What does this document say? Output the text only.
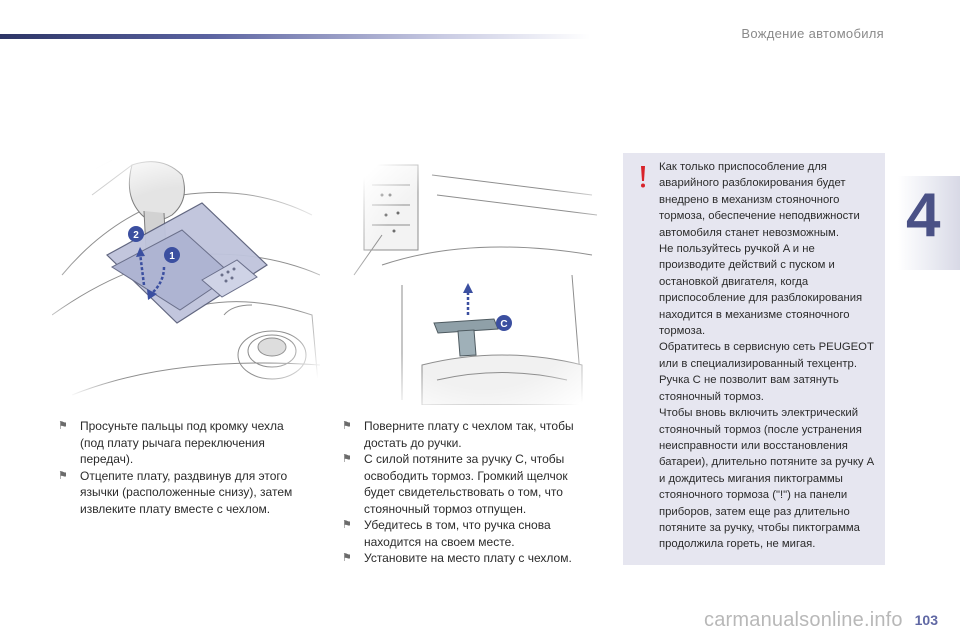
Вождение автомобиля
4
⚑ Просуньте пальцы под кромку чехла (под плату рычага переключения передач).
⚑ Отцепите плату, раздвинув для этого язычки (расположенные снизу), затем извлеките плату вместе с чехлом.
⚑ Поверните плату с чехлом так, чтобы достать до ручки.
⚑ С силой потяните за ручку C, чтобы освободить тормоз. Громкий щелчок будет свидетельствовать о том, что стояночный тормоз отпущен.
⚑ Убедитесь в том, что ручка снова находится на своем месте.
⚑ Установите на место плату с чехлом.

Как только приспособление для аварийного разблокирования будет внедрено в механизм стояночного тормоза, обеспечение неподвижности автомобиля станет невозможным.

Не пользуйтесь ручкой A и не производите действий с пуском и остановкой двигателя, когда приспособление для разблокирования находится в механизме стояночного тормоза.

Обратитесь в сервисную сеть PEUGEOT или в специализированный техцентр.

Ручка C не позволит вам затянуть стояночный тормоз.

Чтобы вновь включить электрический стояночный тормоз (после устранения неисправности или восстановления батареи), длительно потяните за ручку A и дождитесь мигания пиктограммы стояночного тормоза ("!") на панели приборов, затем еще раз длительно потяните за ручку, чтобы пиктограмма продолжила гореть, не мигая.

carmanualsonline.info 103
